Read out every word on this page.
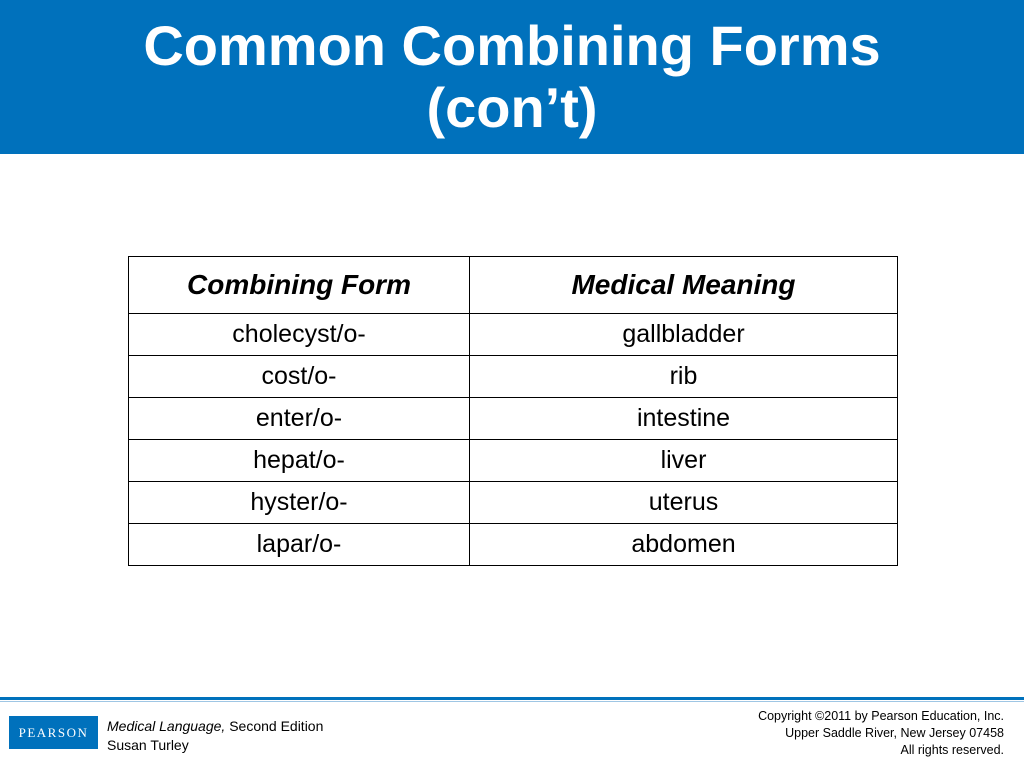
Common Combining Forms
(con’t)
Combining Form	Medical Meaning
cholecyst/o-	gallbladder
cost/o-	rib
enter/o-	intestine
hepat/o-	liver
hyster/o-	uterus
lapar/o-	abdomen
PEARSON	Medical Language, Second Edition
Susan Turley
Copyright ©2011 by Pearson Education, Inc.
Upper Saddle River, New Jersey 07458
All rights reserved.
